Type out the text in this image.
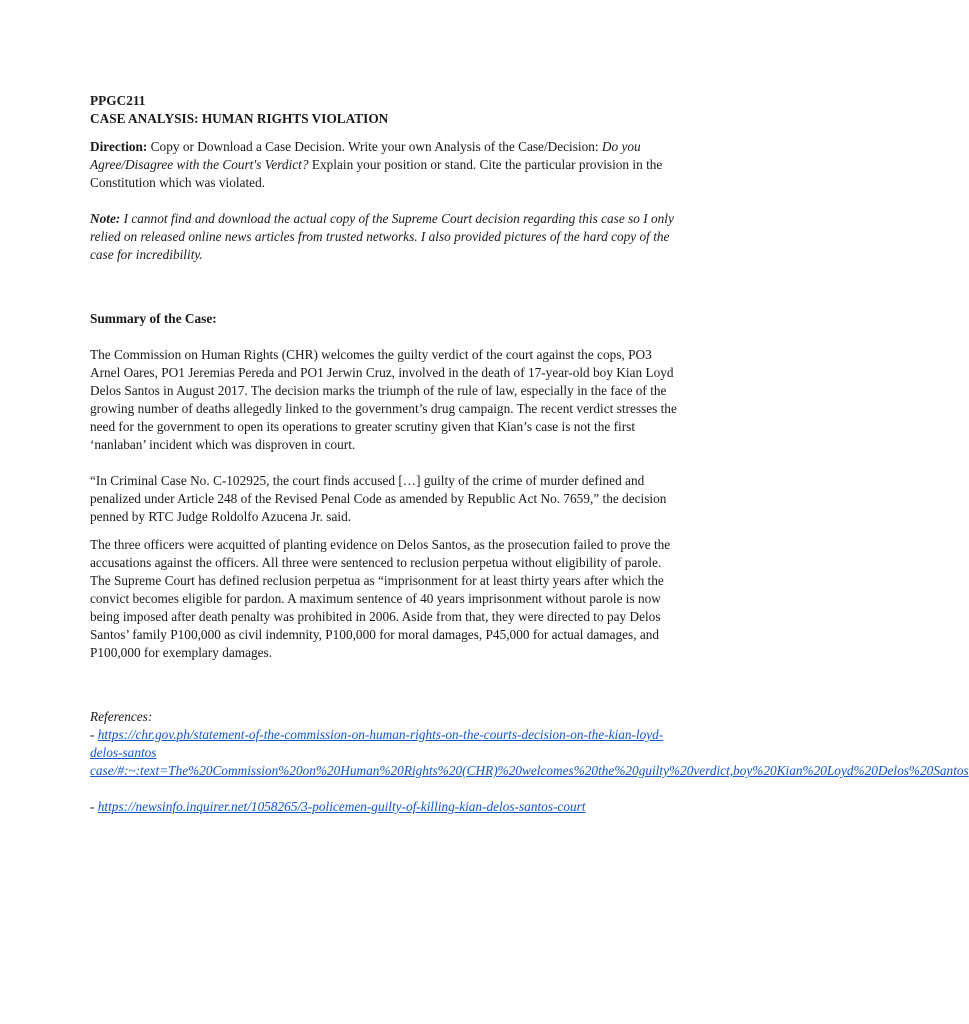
PPGC211

CASE ANALYSIS: HUMAN RIGHTS VIOLATION

Direction: Copy or Download a Case Decision. Write your own Analysis of the Case/Decision: Do you Agree/Disagree with the Court's Verdict? Explain your position or stand. Cite the particular provision in the Constitution which was violated.

Note: I cannot find and download the actual copy of the Supreme Court decision regarding this case so I only relied on released online news articles from trusted networks. I also provided pictures of the hard copy of the case for incredibility.

Summary of the Case:

The Commission on Human Rights (CHR) welcomes the guilty verdict of the court against the cops, PO3 Arnel Oares, PO1 Jeremias Pereda and PO1 Jerwin Cruz, involved in the death of 17-year-old boy Kian Loyd Delos Santos in August 2017. The decision marks the triumph of the rule of law, especially in the face of the growing number of deaths allegedly linked to the government’s drug campaign. The recent verdict stresses the need for the government to open its operations to greater scrutiny given that Kian’s case is not the first ‘nanlaban’ incident which was disproven in court.

“In Criminal Case No. C-102925, the court finds accused […] guilty of the crime of murder defined and penalized under Article 248 of the Revised Penal Code as amended by Republic Act No. 7659,” the decision penned by RTC Judge Roldolfo Azucena Jr. said.

The three officers were acquitted of planting evidence on Delos Santos, as the prosecution failed to prove the accusations against the officers. All three were sentenced to reclusion perpetua without eligibility of parole. The Supreme Court has defined reclusion perpetua as “imprisonment for at least thirty years after which the convict becomes eligible for pardon. A maximum sentence of 40 years imprisonment without parole is now being imposed after death penalty was prohibited in 2006. Aside from that, they were directed to pay Delos Santos’ family P100,000 as civil indemnity, P100,000 for moral damages, P45,000 for actual damages, and P100,000 for exemplary damages.

References:
- https://chr.gov.ph/statement-of-the-commission-on-human-rights-on-the-courts-decision-on-the-kian-loyd-delos-santos case/#:~:text=The%20Commission%20on%20Human%20Rights%20(CHR)%20welcomes%20the%20guilty%20verdict,boy%20Kian%20Loyd%20Delos%20Santos
- https://newsinfo.inquirer.net/1058265/3-policemen-guilty-of-killing-kian-delos-santos-court
